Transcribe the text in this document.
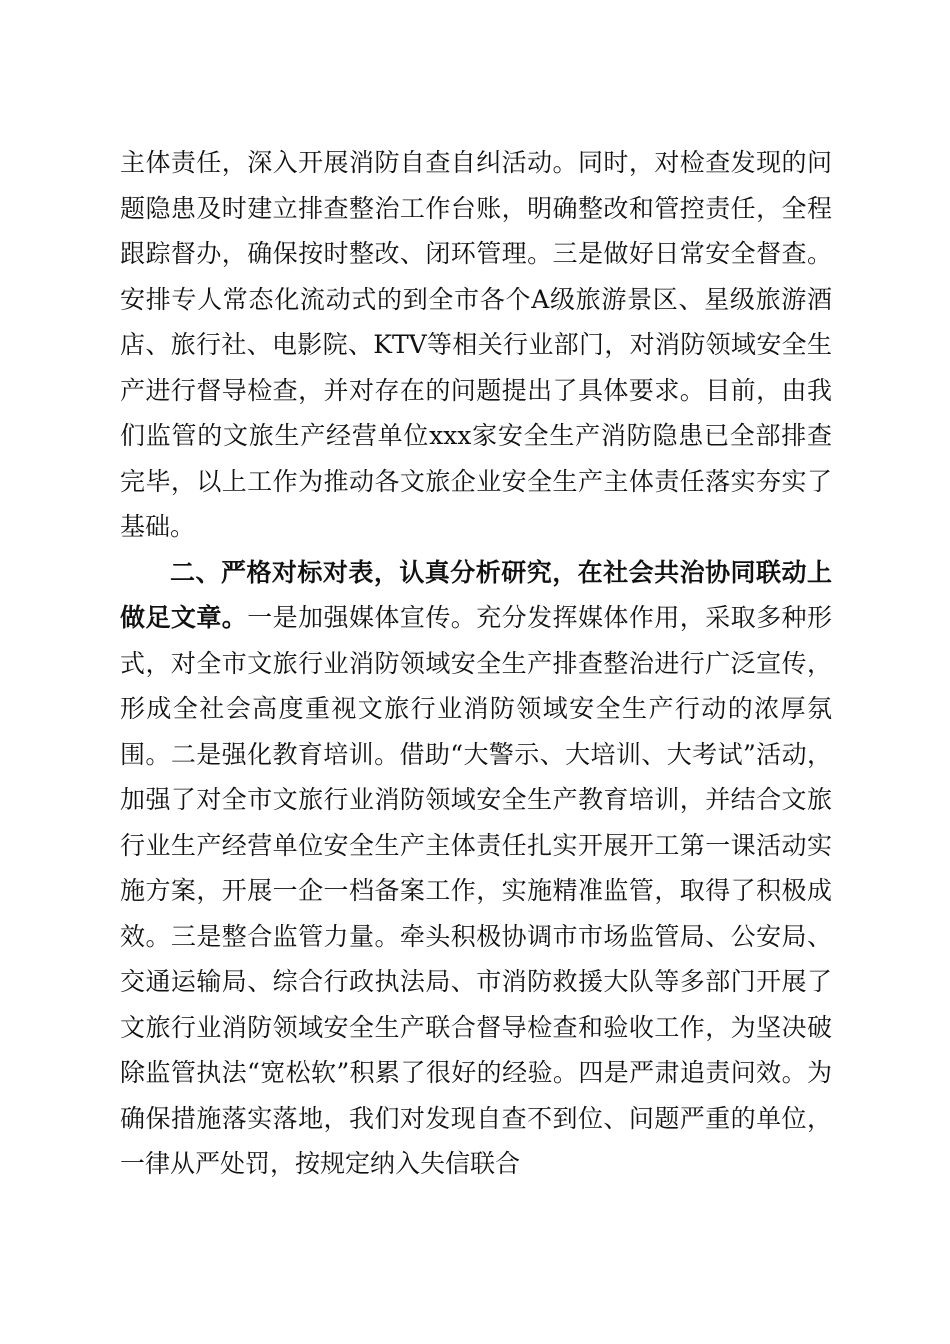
主体责任，深入开展消防自查自纠活动。同时，对检查发现的问题隐患及时建立排查整治工作台账，明确整改和管控责任，全程跟踪督办，确保按时整改、闭环管理。三是做好日常安全督查。安排专人常态化流动式的到全市各个A级旅游景区、星级旅游酒店、旅行社、电影院、KTV等相关行业部门，对消防领域安全生产进行督导检查，并对存在的问题提出了具体要求。目前，由我们监管的文旅生产经营单位xxx家安全生产消防隐患已全部排查完毕，以上工作为推动各文旅企业安全生产主体责任落实夯实了基础。

二、严格对标对表，认真分析研究，在社会共治协同联动上做足文章。一是加强媒体宣传。充分发挥媒体作用，采取多种形式，对全市文旅行业消防领域安全生产排查整治进行广泛宣传，形成全社会高度重视文旅行业消防领域安全生产行动的浓厚氛围。二是强化教育培训。借助“大警示、大培训、大考试”活动，加强了对全市文旅行业消防领域安全生产教育培训，并结合文旅行业生产经营单位安全生产主体责任扎实开展开工第一课活动实施方案，开展一企一档备案工作，实施精准监管，取得了积极成效。三是整合监管力量。牵头积极协调市市场监管局、公安局、交通运输局、综合行政执法局、市消防救援大队等多部门开展了文旅行业消防领域安全生产联合督导检查和验收工作，为坚决破除监管执法“宽松软”积累了很好的经验。四是严肃追责问效。为确保措施落实落地，我们对发现自查不到位、问题严重的单位，一律从严处罚，按规定纳入失信联合
